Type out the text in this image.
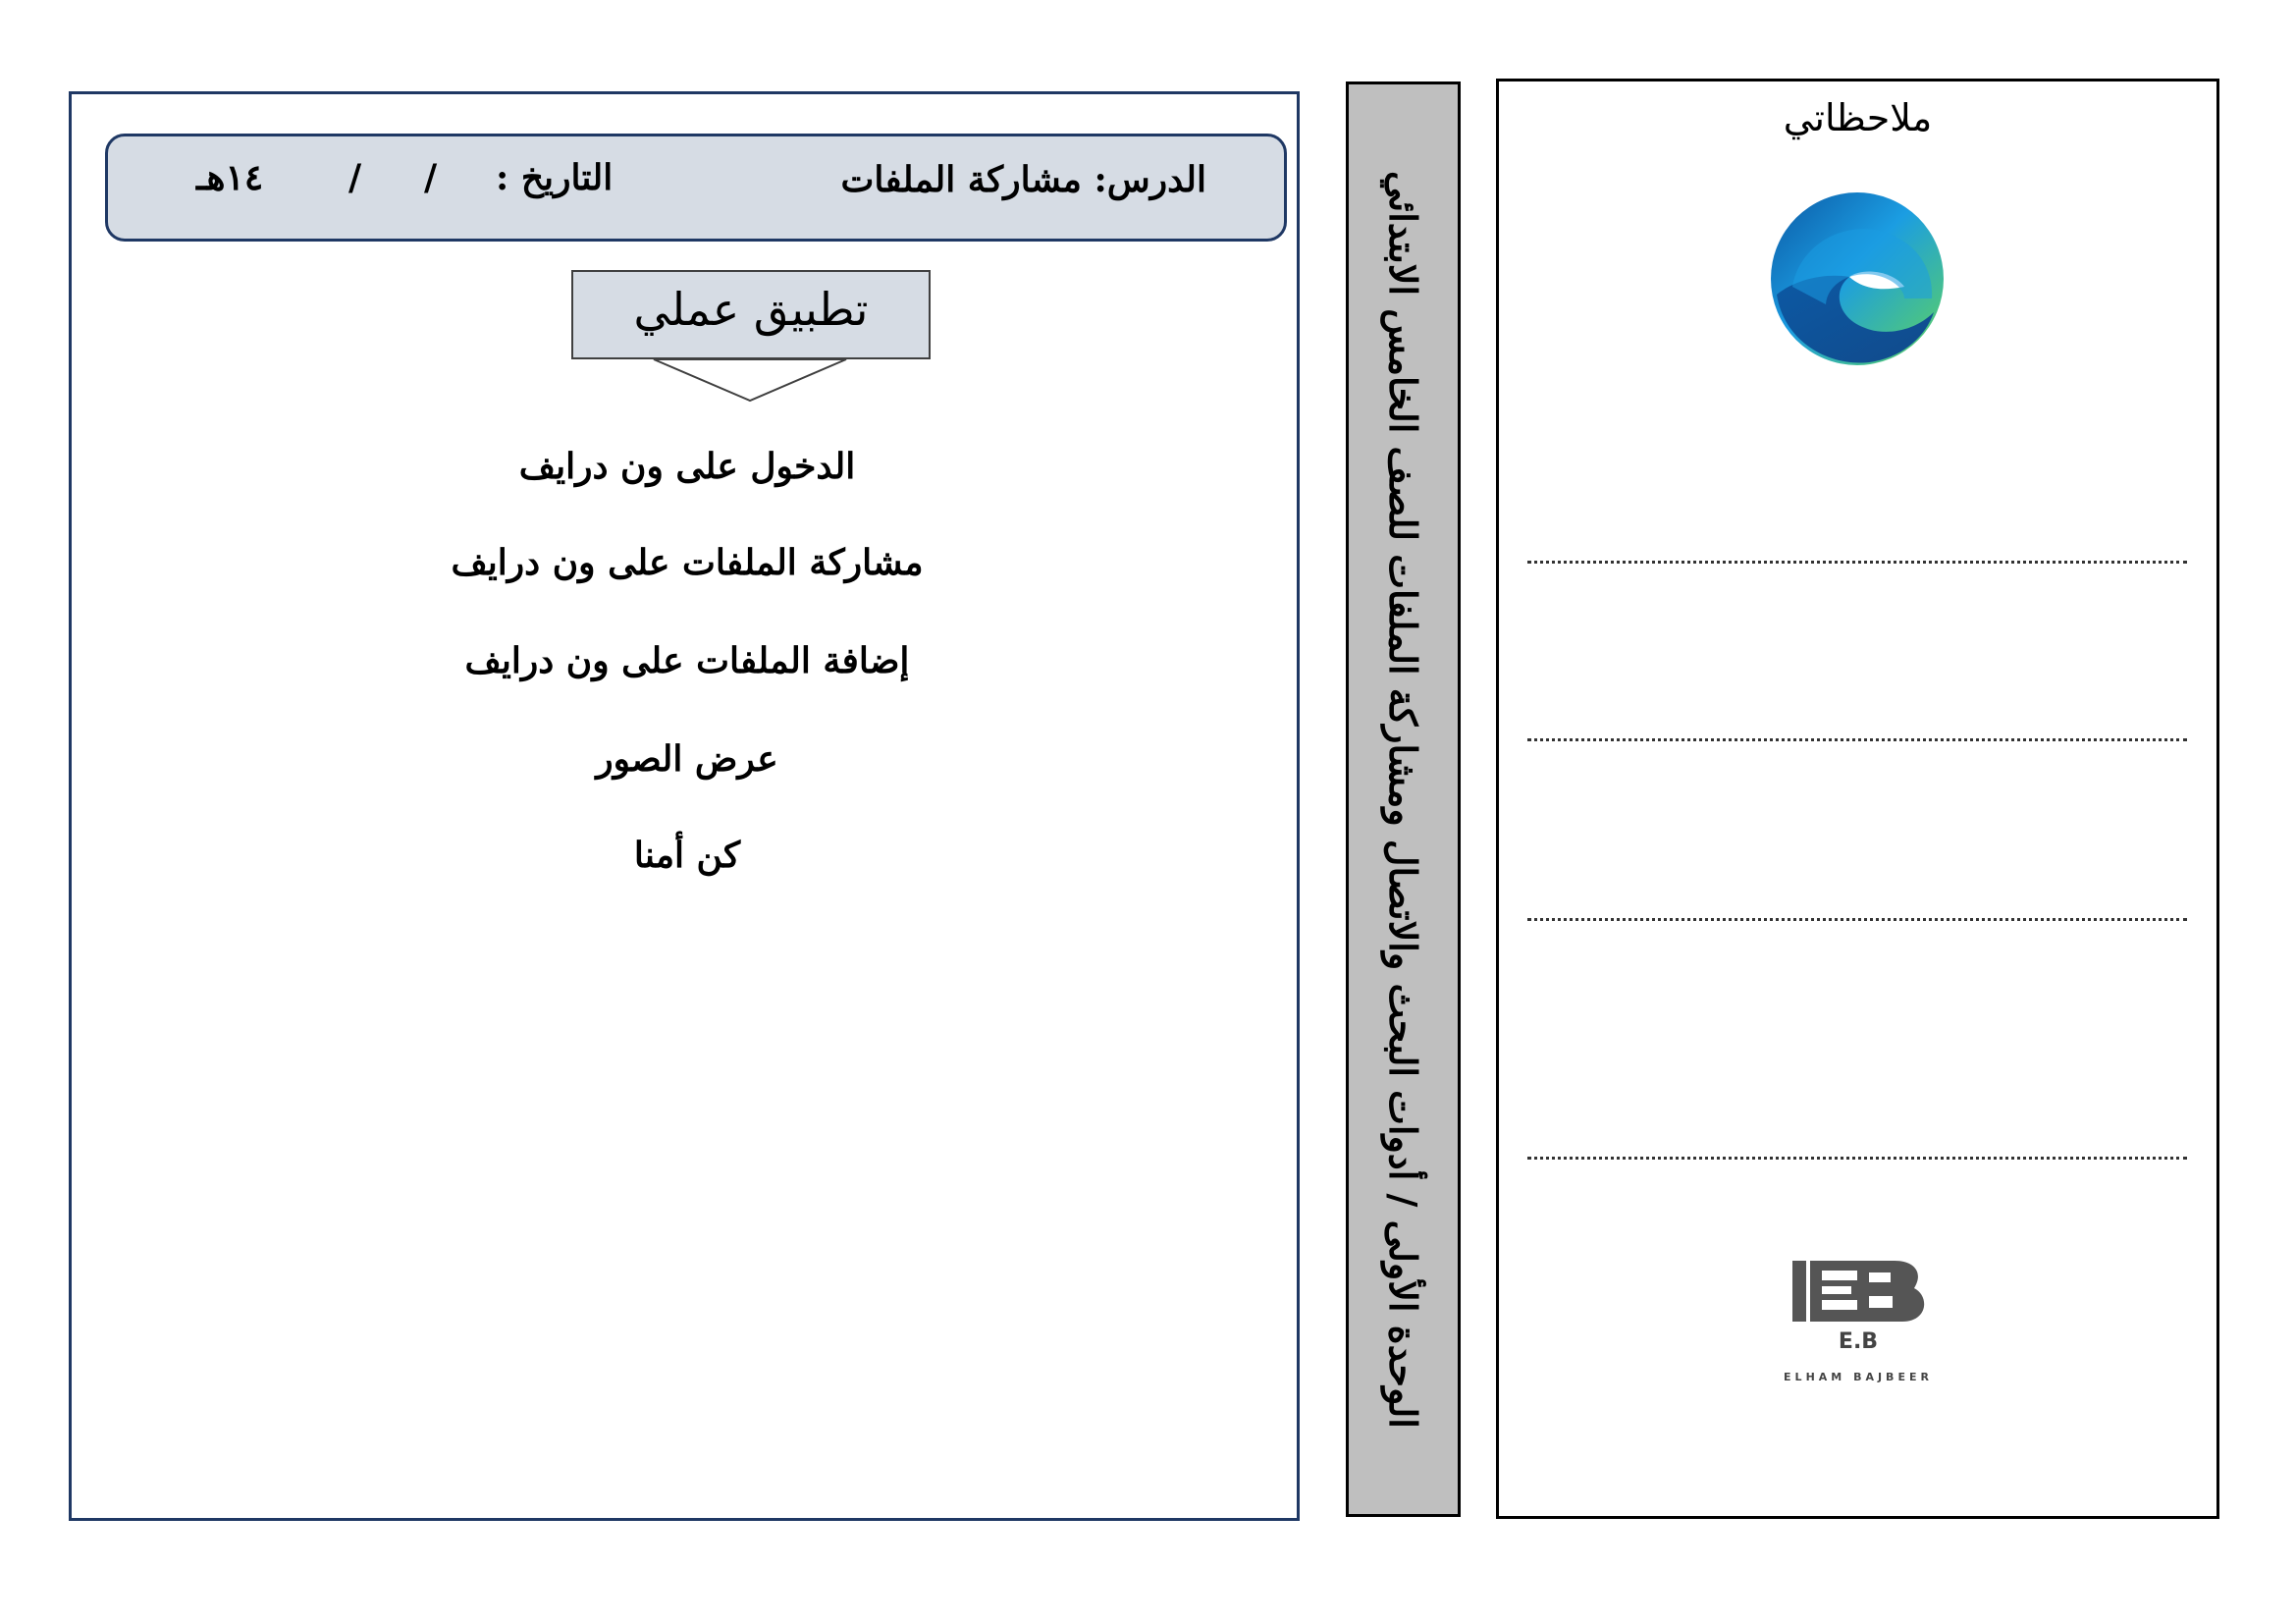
الدرس: مشاركة الملفات
التاريخ :
/
/
١٤هـ
تطبيق عملي
الدخول على ون درايف
مشاركة الملفات على ون درايف
إضافة الملفات على ون درايف
عرض الصور
كن أمنا	الوحدة الأولى / أدوات البحث والاتصال ومشاركة الملفات للصف الخامس الابتدائي
ملاحظاتي
E.B
ELHAM BAJBEER
